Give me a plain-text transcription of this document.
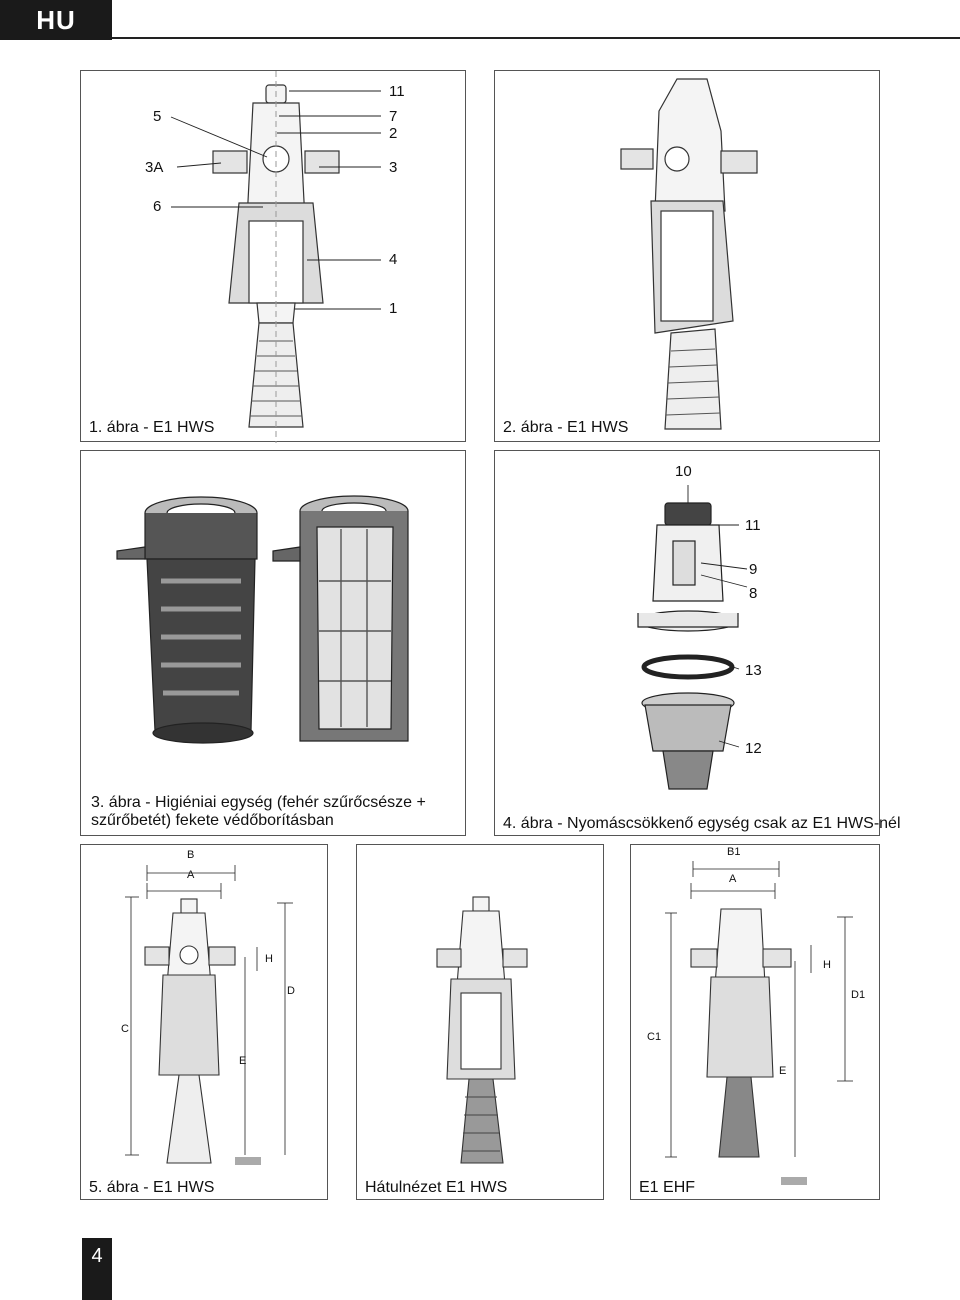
HU
11
7
2
3
4
1
5
3A
6
1. ábra - E1 HWS	2. ábra - E1 HWS
3. ábra - Higiéniai egység (fehér szűrőcsésze +
szűrőbetét) fekete védőborításban
10
11
9
8
13
12
4. ábra - Nyomáscsökkenő egység csak az E1 HWS-nél
B
A
C
D
E
H
5. ábra - E1 HWS	Hátulnézet E1 HWS
B1
A
C1
D1
E
H
E1 EHF
4
